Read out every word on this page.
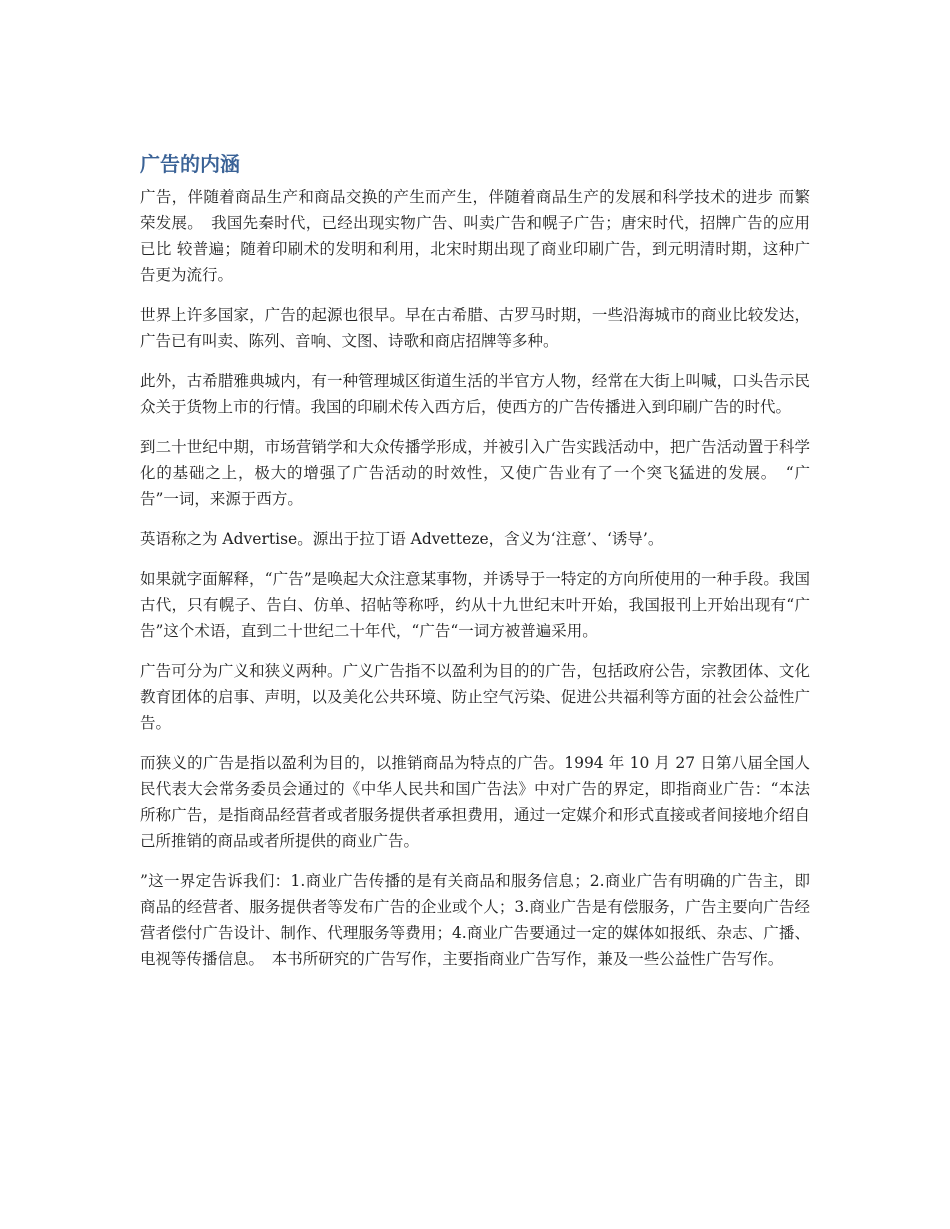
广告的内涵

广告，伴随着商品生产和商品交换的产生而产生，伴随着商品生产的发展和科学技术的进步 而繁荣发展。　我国先秦时代，已经出现实物广告、叫卖广告和幌子广告；唐宋时代，招牌广告的应用已比 较普遍；随着印刷术的发明和利用，北宋时期出现了商业印刷广告，到元明清时期，这种广 告更为流行。

世界上许多国家，广告的起源也很早。早在古希腊、古罗马时期，一些沿海城市的商业比较发达，广告已有叫卖、陈列、音响、文图、诗歌和商店招牌等多种。

此外，古希腊雅典城内，有一种管理城区街道生活的半官方人物，经常在大街上叫喊，口头告示民众关于货物上市的行情。我国的印刷术传入西方后，使西方的广告传播进入到印刷广告的时代。

到二十世纪中期，市场营销学和大众传播学形成，并被引入广告实践活动中，把广告活动置于科学化的基础之上，极大的增强了广告活动的时效性，又使广告业有了一个突飞猛进的发展。　“广告”一词，来源于西方。

英语称之为 Advertise。源出于拉丁语 Advetteze，含义为‘注意’、‘诱导’。

如果就字面解释，“广告”是唤起大众注意某事物，并诱导于一特定的方向所使用的一种手段。我国古代，只有幌子、告白、仿单、招帖等称呼，约从十九世纪末叶开始，我国报刊上开始出现有“广告”这个术语，直到二十世纪二十年代，“广告“一词方被普遍采用。

广告可分为广义和狭义两种。广义广告指不以盈利为目的的广告，包括政府公告，宗教团体、文化教育团体的启事、声明，以及美化公共环境、防止空气污染、促进公共福利等方面的社会公益性广告。

而狭义的广告是指以盈利为目的，以推销商品为特点的广告。1994 年 10 月 27 日第八届全国人民代表大会常务委员会通过的《中华人民共和国广告法》中对广告的界定，即指商业广告：“本法所称广告，是指商品经营者或者服务提供者承担费用，通过一定媒介和形式直接或者间接地介绍自己所推销的商品或者所提供的商业广告。

”这一界定告诉我们：1.商业广告传播的是有关商品和服务信息；2.商业广告有明确的广告主，即商品的经营者、服务提供者等发布广告的企业或个人；3.商业广告是有偿服务，广告主要向广告经营者偿付广告设计、制作、代理服务等费用；4.商业广告要通过一定的媒体如报纸、杂志、广播、电视等传播信息。　本书所研究的广告写作，主要指商业广告写作，兼及一些公益性广告写作。
